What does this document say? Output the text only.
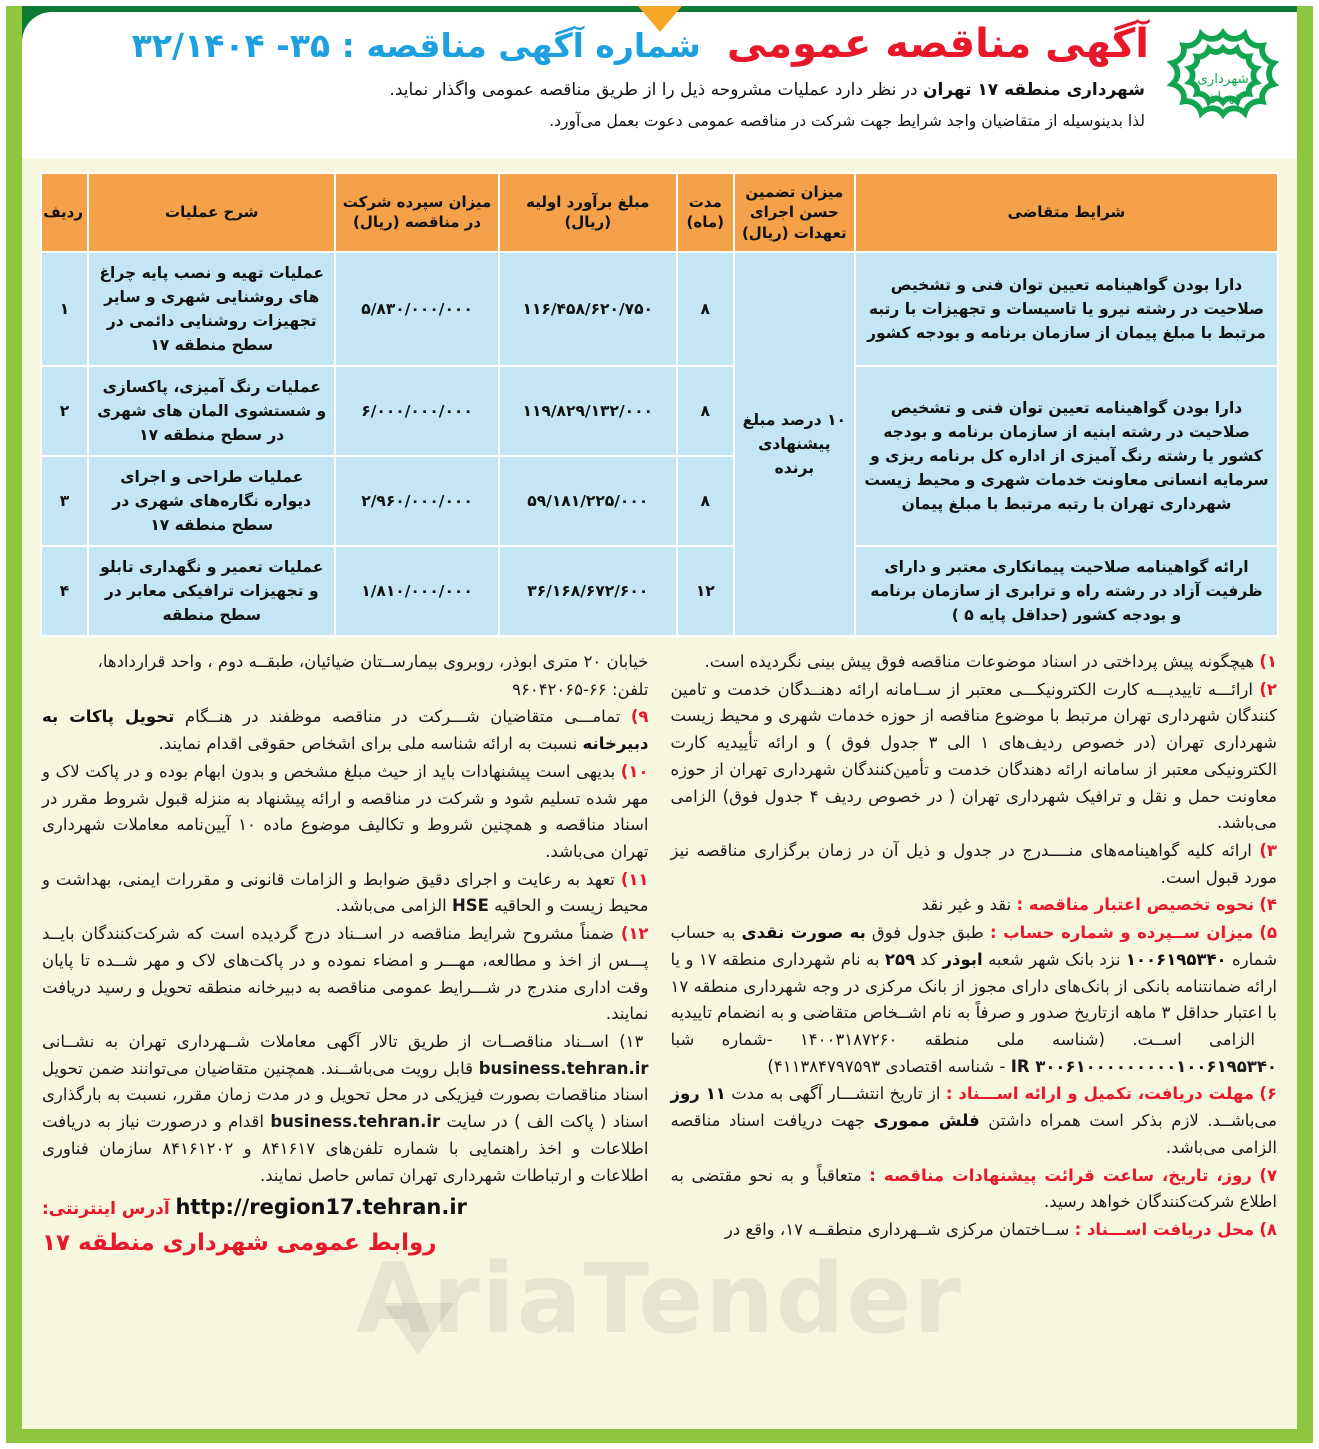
شهرداری
تهران
آگهی مناقصه عمومی
شماره آگهی مناقصه : ۳۵- ۳۲/۱۴۰۴
شهرداری منطقه ۱۷ تهران در نظر دارد عملیات مشروحه ذیل را از طریق مناقصه عمومی واگذار نماید.
لذا بدینوسیله از متقاضیان واجد شرایط جهت شرکت در مناقصه عمومی دعوت بعمل می‌آورد.
شرایط متقاضی	میزان تضمین حسن اجرای تعهدات (ریال)	مدت (ماه)	مبلغ برآورد اولیه (ریال)	میزان سپرده شرکت در مناقصه (ریال)	شرح عملیات	ردیف
دارا بودن گواهینامه تعیین توان فنی و تشخیص صلاحیت در رشته نیرو یا تاسیسات و تجهیزات با رتبه مرتبط با مبلغ پیمان از سازمان برنامه و بودجه کشور	۱۰ درصد مبلغ پیشنهادی برنده	۸	۱۱۶/۴۵۸/۶۲۰/۷۵۰	۵/۸۳۰/۰۰۰/۰۰۰	عملیات تهیه و نصب پایه چراغ های روشنایی شهری و سایر تجهیزات روشنایی دائمی در سطح منطقه ۱۷	۱
دارا بودن گواهینامه تعیین توان فنی و تشخیص صلاحیت در رشته ابنیه از سازمان برنامه و بودجه کشور یا رشته رنگ آمیزی از اداره کل برنامه ریزی و سرمایه انسانی معاونت خدمات شهری و محیط زیست شهرداری تهران با رتبه مرتبط با مبلغ پیمان		۸	۱۱۹/۸۲۹/۱۳۲/۰۰۰	۶/۰۰۰/۰۰۰/۰۰۰	عملیات رنگ آمیزی، پاکسازی و شستشوی المان های شهری در سطح منطقه ۱۷	۲
		۸	۵۹/۱۸۱/۲۲۵/۰۰۰	۲/۹۶۰/۰۰۰/۰۰۰	عملیات طراحی و اجرای دیواره نگاره‌های شهری در سطح منطقه ۱۷	۳
ارائه گواهینامه صلاحیت پیمانکاری معتبر و دارای ظرفیت آزاد در رشته راه و ترابری از سازمان برنامه و بودجه کشور (حداقل پایه ۵ )		۱۲	۳۶/۱۶۸/۶۷۲/۶۰۰	۱/۸۱۰/۰۰۰/۰۰۰	عملیات تعمیر و نگهداری تابلو و تجهیزات ترافیکی معابر در سطح منطقه	۴
AriaTender

۱) هیچگونه پیش پرداختی در اسناد موضوعات مناقصه فوق پیش بینی نگردیده است.

۲) ارائـــه تاییدیـــه کارت الکترونیکـــی معتبر از ســامانه ارائه دهنــدگان خدمت و تامین کنندگان شهرداری تهران مرتبط با موضوع مناقصه از حوزه خدمات شهری و محیط زیست شهرداری تهران (در خصوص ردیف‌های ۱ الی ۳ جدول فوق ) و ارائه تأییدیه کارت الکترونیکی معتبر از سامانه ارائه دهندگان خدمت و تأمین‌کنندگان شهرداری تهران از حوزه معاونت حمل و نقل و ترافیک شهرداری تهران ( در خصوص ردیف ۴ جدول فوق) الزامی می‌باشد.

۳) ارائه کلیه گواهینامه‌های منــــدرج در جدول و ذیل آن در زمان برگزاری مناقصه نیز مورد قبول است.

۴) نحوه تخصیص اعتبار مناقصه : نقد و غیر نقد

۵) میزان ســپرده و شماره حساب : طبق جدول فوق به صورت نقدی به حساب شماره ۱۰۰۶۱۹۵۳۴۰ نزد بانک شهر شعبه ابوذر کد ۲۵۹ به نام شهرداری منطقه ۱۷ و یا ارائه ضمانتنامه بانکی از بانک‌های دارای مجوز از بانک مرکزی در وجه شهرداری منطقه ۱۷ با اعتبار حداقل ۳ ماهه ازتاریخ صدور و صرفاً به نام اشــخاص متقاضی و به انضمام تاییدیه الزامی اســت. (شناسه ملی منطقه ۱۴۰۰۳۱۸۷۲۶۰ -شماره شبا IR ۳۰۰۶۱۰۰۰۰۰۰۰۰۰۱۰۰۶۱۹۵۳۴۰ - شناسه اقتصادی ۴۱۱۳۸۴۷۹۷۵۹۳)

۶) مهلت دریافت، تکمیل و ارائه اســـناد : از تاریخ انتشـــار آگهی به مدت ۱۱ روز می‌باشــد. لازم بذکر است همراه داشتن فلش مموری جهت دریافت اسناد مناقصه الزامی می‌باشد.

۷) روز، تاریخ، ساعت قرائت پیشنهادات مناقصه : متعاقباً و به نحو مقتضی به اطلاع شرکت‌کنندگان خواهد رسید.

۸) محل دریافت اســـناد : ســاختمان مرکزی شــهرداری منطقــه ۱۷، واقع در

خیابان ۲۰ متری ابوذر، روبروی بیمارســتان ضیائیان، طبقــه دوم ، واحد قراردادها،

تلفن: ۶۶-۹۶۰۴۲۰۶۵

۹) تمامـــی متقاضیان شـــرکت در مناقصه موظفند در هنــگام تحویل پاکات به دبیرخانه نسبت به ارائه شناسه ملی برای اشخاص حقوقی اقدام نمایند.

۱۰) بدیهی است پیشنهادات باید از حیث مبلغ مشخص و بدون ابهام بوده و در پاکت لاک و مهر شده تسلیم شود و شرکت در مناقصه و ارائه پیشنهاد به منزله قبول شروط مقرر در اسناد مناقصه و همچنین شروط و تکالیف موضوع ماده ۱۰ آیین‌نامه معاملات شهرداری تهران می‌باشد.

۱۱) تعهد به رعایت و اجرای دقیق ضوابط و الزامات قانونی و مقررات ایمنی، بهداشت و محیط زیست و الحاقیه HSE الزامی می‌باشد.

۱۲) ضمناً مشروح شرایط مناقصه در اســناد درج گردیده است که شرکت‌کنندگان بایــد پـــس از اخذ و مطالعه، مهـــر و امضاء نموده و در پاکت‌های لاک و مهر شــده تا پایان وقت اداری مندرج در شـــرایط عمومی مناقصه به دبیرخانه منطقه تحویل و رسید دریافت نمایند.

۱۳) اســناد مناقصــات از طریق تالار آگهی معاملات شــهرداری تهران به نشــانی business.tehran.ir قابل رویت می‌باشــند. همچنین متقاضیان می‌توانند ضمن تحویل اسناد مناقصات بصورت فیزیکی در محل تحویل و در مدت زمان مقرر، نسبت به بارگذاری اسناد ( پاکت الف ) در سایت business.tehran.ir اقدام و درصورت نیاز به دریافت اطلاعات و اخذ راهنمایی با شماره تلفن‌های ۸۴۱۶۱۷ و ۸۴۱۶۱۲۰۲ سازمان فناوری اطلاعات و ارتباطات شهرداری تهران تماس حاصل نمایند.

http://region17.tehran.ir آدرس اینترنتی:

روابط عمومی شهرداری منطقه ۱۷
